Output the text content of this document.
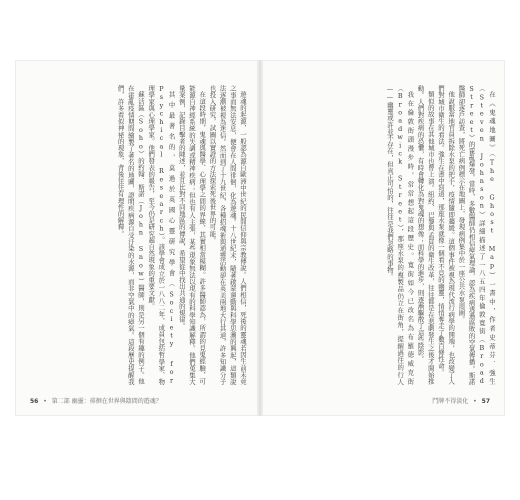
遊魂的起源，一般認為源自歐洲中世紀的民間信仰與宗教傳說。人們相信，死後的靈魂若因生前未竟之事而無法安息，便會在人間徘徊，化為遊魂。十八世紀末，隨著啟蒙運動與科學思潮的興起，這類說法逐漸被視為迷信。然而到了十九世紀，各種招魂術與通靈活動卻在英美兩地大行其道，許多知識分子也投入研究，試圖以實證的方法探索死後世界的可能。

在這段時期，鬼魂與醫學、心理學之間的界線，其實相當模糊。許多醫師認為，所謂的見鬼經驗，可能源自神經系統的失調或精神疾病；但也有人主張，某些現象無法以現有的科學知識解釋。他們蒐集大量案例，記錄目擊者的陳述，並且比對不同地區的傳說，希望從中找出共通的規律。

其中最著名的，莫過於英國心靈研究學會（Society for Psychical Research）。該學會成立於一八八二年，成員包括哲學家、物理學家與心理學家。他們發表的報告，至今仍是研究超自然現象的重要文獻。

蘇活區（Soho）的約翰．斯諾（John Snow）醫師，則是另一個有趣的例子。他在霍亂疫情期間繪製了著名的地圖，證明疾病源自受汙染的水源，而非空氣中的瘴氣。這段歷史提醒我們，許多看似神祕的現象，背後往往有理性的解釋。

56 • 第二部 幽靈：徘徊在世界與陰間的遊魂？

在《鬼魂地圖》（The Ghost Map）一書中，作者史蒂芬．強生（Steven Johnson）詳細描述了一八五四年倫敦寬街（Broad Street）的霍亂爆發。當時，多數醫師仍相信瘴氣理論，認為疾病透過腐敗的空氣傳播。斯諾醫師卻逐戶訪查，將死亡病例標示在地圖上，發現病例集中於一座公共水泵周圍。

他說服當地官員拆除水泵的把手，疫情隨即趨緩。這個事件被視為現代流行病學的開端，也改變了人們對城市衛生的看法。強生在書中寫道，那座水泵就像一個看不見的幽靈，悄悄奪走了數百條性命。

類似的故事在其他城市也曾上演。紐約、巴黎與孟買的衛生改革，往往都是在悲劇發生之後才開始推動。人們對疾病的恐懼，有時會轉化為對鬼魂的想像；而科學的進步，則逐漸驅散了這些陰影。

我在倫敦街頭漫步時，常常想起這段歷史。寬街如今已改名為布羅德威克街（Broadwick Street），那座水泵的複製品仍立在街角，提醒過往的行人——幽靈或許並不存在，但真正可怕的，往往是我們忽略的事物。

鬥牌不得淡化 • 57
